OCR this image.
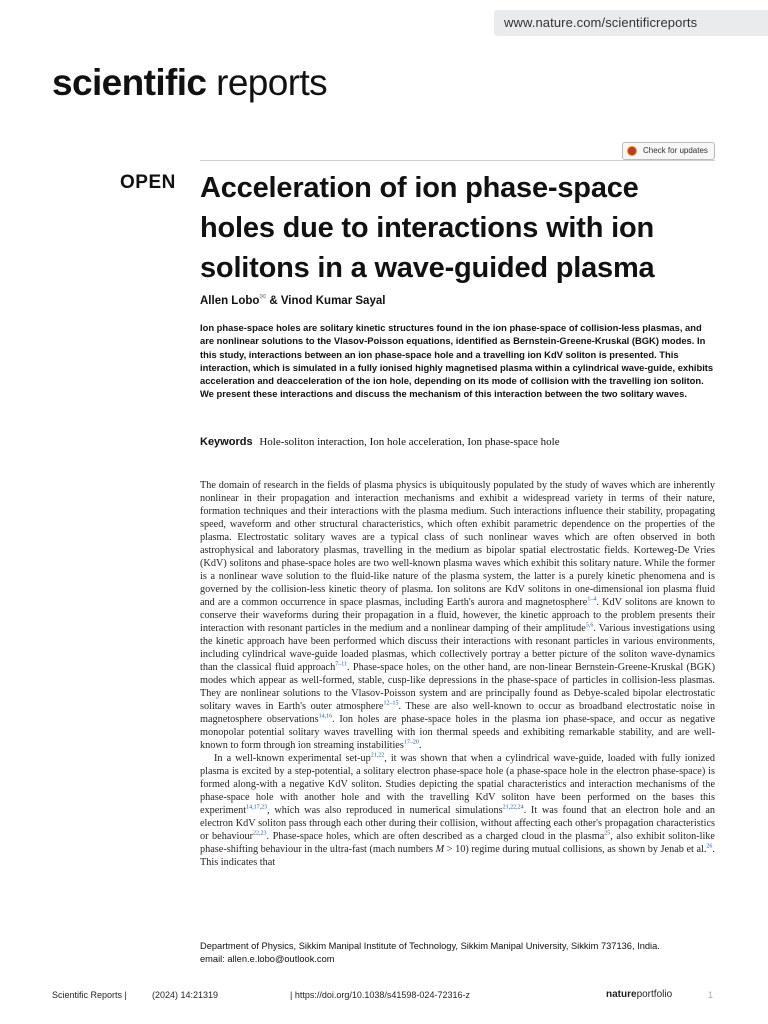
www.nature.com/scientificreports
scientific reports
Check for updates
OPEN Acceleration of ion phase-space holes due to interactions with ion solitons in a wave-guided plasma
Allen Lobo✉ & Vinod Kumar Sayal

Ion phase-space holes are solitary kinetic structures found in the ion phase-space of collision-less plasmas, and are nonlinear solutions to the Vlasov-Poisson equations, identified as Bernstein-Greene-Kruskal (BGK) modes. In this study, interactions between an ion phase-space hole and a travelling ion KdV soliton is presented. This interaction, which is simulated in a fully ionised highly magnetised plasma within a cylindrical wave-guide, exhibits acceleration and deacceleration of the ion hole, depending on its mode of collision with the travelling ion soliton. We present these interactions and discuss the mechanism of this interaction between the two solitary waves.

Keywords Hole-soliton interaction, Ion hole acceleration, Ion phase-space hole

The domain of research in the fields of plasma physics is ubiquitously populated by the study of waves which are inherently nonlinear in their propagation and interaction mechanisms and exhibit a widespread variety in terms of their nature, formation techniques and their interactions with the plasma medium. Such interactions influence their stability, propagating speed, waveform and other structural characteristics, which often exhibit parametric dependence on the properties of the plasma. Electrostatic solitary waves are a typical class of such nonlinear waves which are often observed in both astrophysical and laboratory plasmas, travelling in the medium as bipolar spatial electrostatic fields. Korteweg-De Vries (KdV) solitons and phase-space holes are two well-known plasma waves which exhibit this solitary nature. While the former is a nonlinear wave solution to the fluid-like nature of the plasma system, the latter is a purely kinetic phenomena and is governed by the collision-less kinetic theory of plasma. Ion solitons are KdV solitons in one-dimensional ion plasma fluid and are a common occurrence in space plasmas, including Earth's aurora and magnetosphere$^{1-4}$. KdV solitons are known to conserve their waveforms during their propagation in a fluid, however, the kinetic approach to the problem presents their interaction with resonant particles in the medium and a nonlinear damping of their amplitude$^{5,6}$. Various investigations using the kinetic approach have been performed which discuss their interactions with resonant particles in various environments, including cylindrical wave-guide loaded plasmas, which collectively portray a better picture of the soliton wave-dynamics than the classical fluid approach$^{7-11}$. Phase-space holes, on the other hand, are non-linear Bernstein-Greene-Kruskal (BGK) modes which appear as well-formed, stable, cusp-like depressions in the phase-space of particles in collision-less plasmas. They are nonlinear solutions to the Vlasov-Poisson system and are principally found as Debye-scaled bipolar electrostatic solitary waves in Earth's outer atmosphere$^{12-15}$. These are also well-known to occur as broadband electrostatic noise in magnetosphere observations$^{14,16}$. Ion holes are phase-space holes in the plasma ion phase-space, and occur as negative monopolar potential solitary waves travelling with ion thermal speeds and exhibiting remarkable stability, and are well-known to form through ion streaming instabilities$^{17-20}$.

In a well-known experimental set-up$^{21,22}$, it was shown that when a cylindrical wave-guide, loaded with fully ionized plasma is excited by a step-potential, a solitary electron phase-space hole (a phase-space hole in the electron phase-space) is formed along-with a negative KdV soliton. Studies depicting the spatial characteristics and interaction mechanisms of the phase-space hole with another hole and with the travelling KdV soliton have been performed on the bases this experiment$^{14,17,23}$, which was also reproduced in numerical simulations$^{21,22,24}$. It was found that an electron hole and an electron KdV soliton pass through each other during their collision, without affecting each other's propagation characteristics or behaviour$^{22,23}$. Phase-space holes, which are often described as a charged cloud in the plasma$^{25}$, also exhibit soliton-like phase-shifting behaviour in the ultra-fast (mach numbers M > 10) regime during mutual collisions, as shown by Jenab et al.$^{26}$. This indicates that

Department of Physics, Sikkim Manipal Institute of Technology, Sikkim Manipal University, Sikkim 737136, India.
email: allen.e.lobo@outlook.com
Scientific Reports |	(2024) 14:21319	| https://doi.org/10.1038/s41598-024-72316-z	natureportfolio	1
